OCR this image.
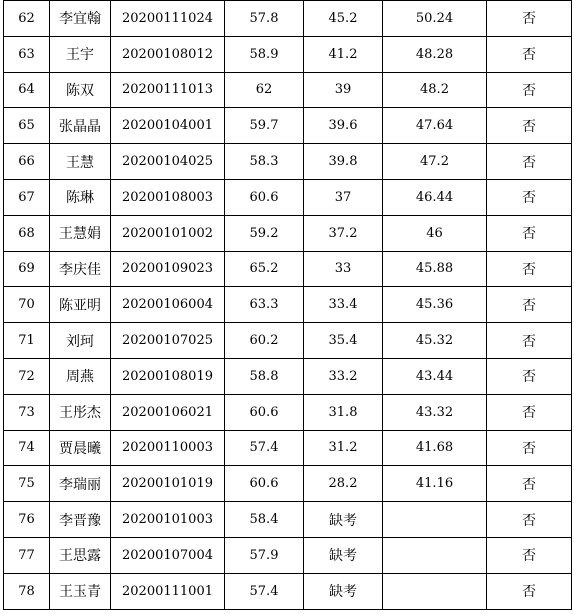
62	李宜翰	20200111024	57.8	45.2	50.24	否
63	王宇	20200108012	58.9	41.2	48.28	否
64	陈双	20200111013	62	39	48.2	否
65	张晶晶	20200104001	59.7	39.6	47.64	否
66	王慧	20200104025	58.3	39.8	47.2	否
67	陈琳	20200108003	60.6	37	46.44	否
68	王慧娟	20200101002	59.2	37.2	46	否
69	李庆佳	20200109023	65.2	33	45.88	否
70	陈亚明	20200106004	63.3	33.4	45.36	否
71	刘珂	20200107025	60.2	35.4	45.32	否
72	周燕	20200108019	58.8	33.2	43.44	否
73	王彤杰	20200106021	60.6	31.8	43.32	否
74	贾晨曦	20200110003	57.4	31.2	41.68	否
75	李瑞丽	20200101019	60.6	28.2	41.16	否
76	李晋豫	20200101003	58.4	缺考		否
77	王思露	20200107004	57.9	缺考		否
78	王玉青	20200111001	57.4	缺考		否
